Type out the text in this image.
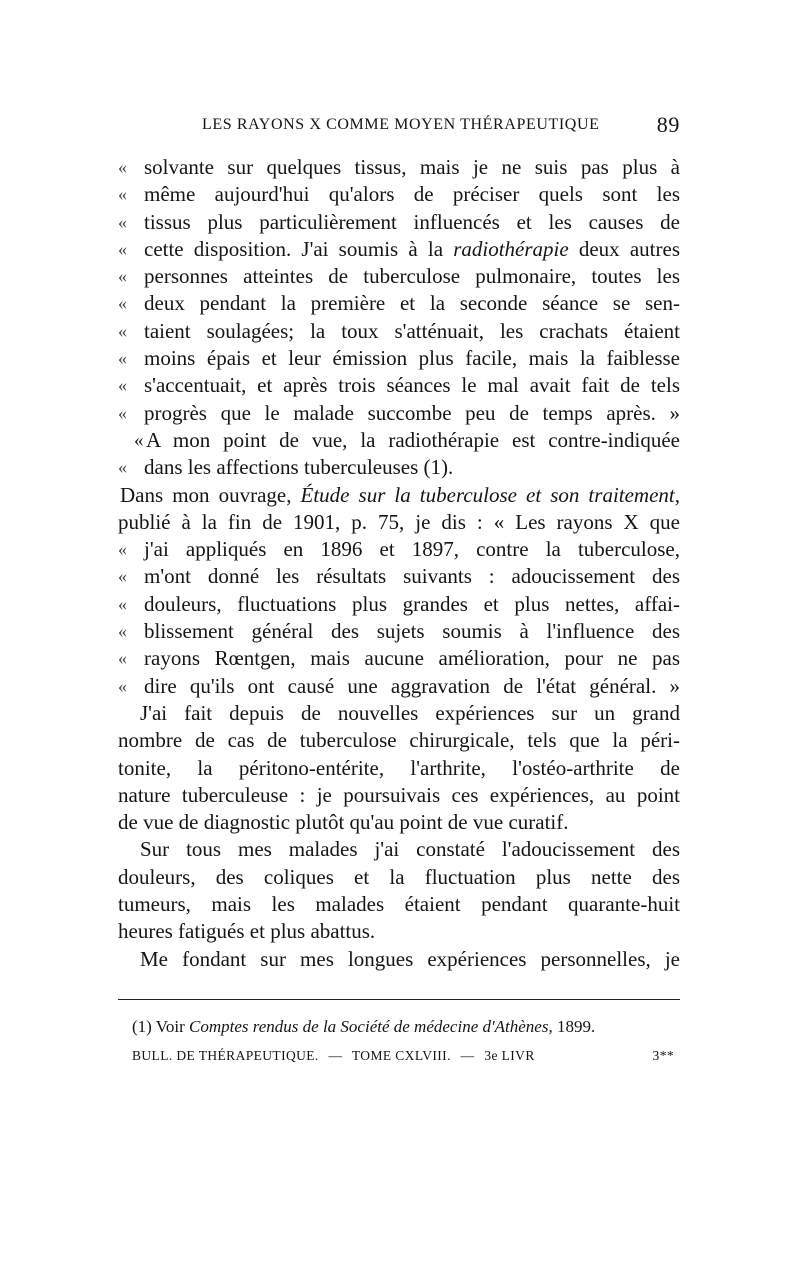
LES RAYONS X COMME MOYEN THÉRAPEUTIQUE	89
« solvante sur quelques tissus, mais je ne suis pas plus à
« même aujourd'hui qu'alors de préciser quels sont les
« tissus plus particulièrement influencés et les causes de
« cette disposition. J'ai soumis à la radiothérapie deux autres
« personnes atteintes de tuberculose pulmonaire, toutes les
« deux pendant la première et la seconde séance se sen-
« taient soulagées; la toux s'atténuait, les crachats étaient
« moins épais et leur émission plus facile, mais la faiblesse
« s'accentuait, et après trois séances le mal avait fait de tels
« progrès que le malade succombe peu de temps après. »
« A mon point de vue, la radiothérapie est contre-indiquée
« dans les affections tuberculeuses (1).
Dans mon ouvrage, Étude sur la tuberculose et son traitement,
publié à la fin de 1901, p. 75, je dis : « Les rayons X que
« j'ai appliqués en 1896 et 1897, contre la tuberculose,
« m'ont donné les résultats suivants : adoucissement des
« douleurs, fluctuations plus grandes et plus nettes, affai-
« blissement général des sujets soumis à l'influence des
« rayons Rœntgen, mais aucune amélioration, pour ne pas
« dire qu'ils ont causé une aggravation de l'état général. »
J'ai fait depuis de nouvelles expériences sur un grand
nombre de cas de tuberculose chirurgicale, tels que la péri-
tonite, la péritono-entérite, l'arthrite, l'ostéo-arthrite de
nature tuberculeuse : je poursuivais ces expériences, au point
de vue de diagnostic plutôt qu'au point de vue curatif.
Sur tous mes malades j'ai constaté l'adoucissement des
douleurs, des coliques et la fluctuation plus nette des
tumeurs, mais les malades étaient pendant quarante-huit
heures fatigués et plus abattus.
Me fondant sur mes longues expériences personnelles, je
(1) Voir Comptes rendus de la Société de médecine d'Athènes, 1899.
BULL. DE THÉRAPEUTIQUE. — TOME CXLVIII. — 3e LIVR	3**
